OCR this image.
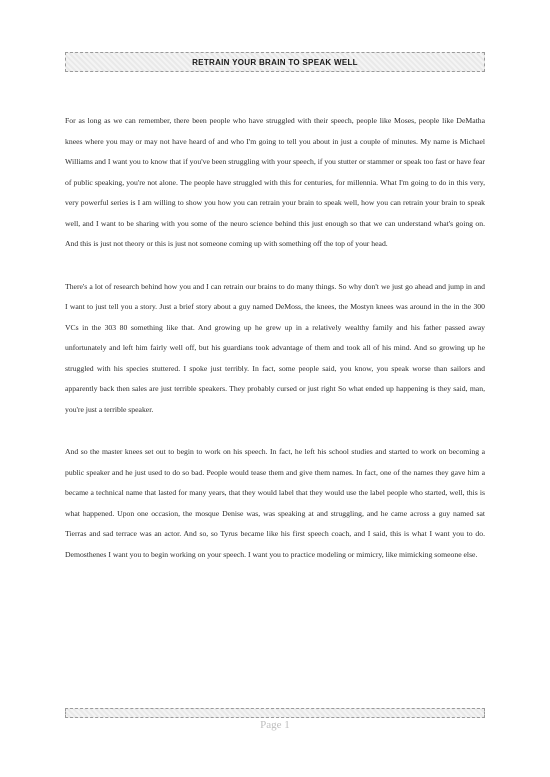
RETRAIN YOUR BRAIN TO SPEAK WELL

For as long as we can remember, there been people who have struggled with their speech, people like Moses, people like DeMatha knees where you may or may not have heard of and who I'm going to tell you about in just a couple of minutes. My name is Michael Williams and I want you to know that if you've been struggling with your speech, if you stutter or stammer or speak too fast or have fear of public speaking, you're not alone. The people have struggled with this for centuries, for millennia. What I'm going to do in this very, very powerful series is I am willing to show you how you can retrain your brain to speak well, how you can retrain your brain to speak well, and I want to be sharing with you some of the neuro science behind this just enough so that we can understand what's going on. And this is just not theory or this is just not someone coming up with something off the top of your head.

There's a lot of research behind how you and I can retrain our brains to do many things. So why don't we just go ahead and jump in and I want to just tell you a story. Just a brief story about a guy named DeMoss, the knees, the Mostyn knees was around in the in the 300 VCs in the 303 80 something like that. And growing up he grew up in a relatively wealthy family and his father passed away unfortunately and left him fairly well off, but his guardians took advantage of them and took all of his mind. And so growing up he struggled with his species stuttered. I spoke just terribly. In fact, some people said, you know, you speak worse than sailors and apparently back then sales are just terrible speakers. They probably cursed or just right So what ended up happening is they said, man, you're just a terrible speaker.

And so the master knees set out to begin to work on his speech. In fact, he left his school studies and started to work on becoming a public speaker and he just used to do so bad. People would tease them and give them names. In fact, one of the names they gave him a became a technical name that lasted for many years, that they would label that they would use the label people who started, well, this is what happened. Upon one occasion, the mosque Denise was, was speaking at and struggling, and he came across a guy named sat Tierras and sad terrace was an actor. And so, so Tyrus became like his first speech coach, and I said, this is what I want you to do. Demosthenes I want you to begin working on your speech. I want you to practice modeling or mimicry, like mimicking someone else.

Page 1
